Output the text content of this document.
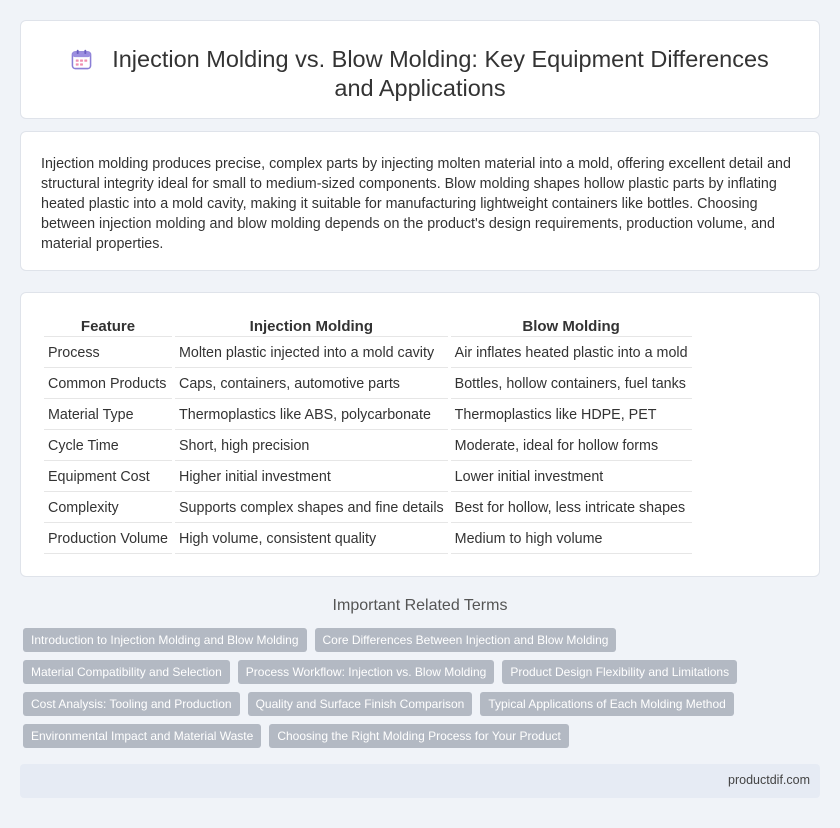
Injection Molding vs. Blow Molding: Key Equipment Differences and Applications

Injection molding produces precise, complex parts by injecting molten material into a mold, offering excellent detail and structural integrity ideal for small to medium-sized components. Blow molding shapes hollow plastic parts by inflating heated plastic into a mold cavity, making it suitable for manufacturing lightweight containers like bottles. Choosing between injection molding and blow molding depends on the product's design requirements, production volume, and material properties.

Feature	Injection Molding	Blow Molding
Process	Molten plastic injected into a mold cavity	Air inflates heated plastic into a mold
Common Products	Caps, containers, automotive parts	Bottles, hollow containers, fuel tanks
Material Type	Thermoplastics like ABS, polycarbonate	Thermoplastics like HDPE, PET
Cycle Time	Short, high precision	Moderate, ideal for hollow forms
Equipment Cost	Higher initial investment	Lower initial investment
Complexity	Supports complex shapes and fine details	Best for hollow, less intricate shapes
Production Volume	High volume, consistent quality	Medium to high volume
Important Related Terms
Introduction to Injection Molding and Blow Molding	Core Differences Between Injection and Blow Molding
Material Compatibility and Selection	Process Workflow: Injection vs. Blow Molding	Product Design Flexibility and Limitations
Cost Analysis: Tooling and Production	Quality and Surface Finish Comparison	Typical Applications of Each Molding Method
Environmental Impact and Material Waste	Choosing the Right Molding Process for Your Product
productdif.com
